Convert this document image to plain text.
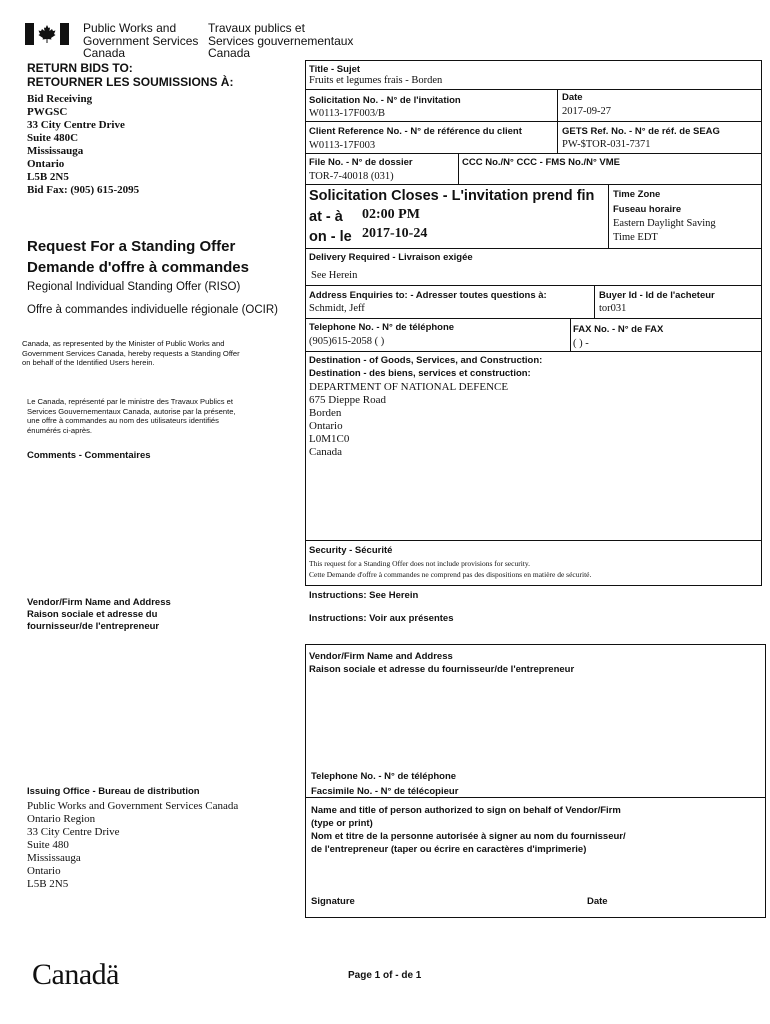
Public Works and
Government Services
Canada
Travaux publics et
Services gouvernementaux
Canada
RETURN BIDS TO:
RETOURNER LES SOUMISSIONS À:
Bid Receiving
PWGSC
33 City Centre Drive
Suite 480C
Mississauga
Ontario
L5B 2N5
Bid Fax: (905) 615-2095
Request For a Standing Offer
Demande d'offre à commandes
Regional Individual Standing Offer (RISO)
Offre à commandes individuelle régionale (OCIR)
Canada, as represented by the Minister of Public Works and
Government Services Canada, hereby requests a Standing Offer
on behalf of the Identified Users herein.
Le Canada, représenté par le ministre des Travaux Publics et
Services Gouvernementaux Canada, autorise par la présente,
une offre à commandes au nom des utilisateurs identifiés
énumérés ci-après.
Comments - Commentaires
Vendor/Firm Name and Address
Raison sociale et adresse du
fournisseur/de l'entrepreneur
Issuing Office - Bureau de distribution
Public Works and Government Services Canada
Ontario Region
33 City Centre Drive
Suite 480
Mississauga
Ontario
L5B 2N5
Title - Sujet
Fruits et legumes frais - Borden
Solicitation No. - N° de l'invitation
W0113-17F003/B
Date
2017-09-27
Client Reference No. - N° de référence du client
W0113-17F003
GETS Ref. No. - N° de réf. de SEAG
PW-$TOR-031-7371
File No. - N° de dossier
TOR-7-40018 (031)
CCC No./N° CCC - FMS No./N° VME
Solicitation Closes - L'invitation prend fin
at - à 02:00 PM
on - le 2017-10-24
Time Zone
Fuseau horaire
Eastern Daylight Saving
Time EDT
Delivery Required - Livraison exigée
See Herein
Address Enquiries to: - Adresser toutes questions à:
Schmidt, Jeff
Buyer Id - Id de l'acheteur
tor031
Telephone No. - N° de téléphone
(905)615-2058 ( )
FAX No. - N° de FAX
( ) -
Destination - of Goods, Services, and Construction:
Destination - des biens, services et construction:
DEPARTMENT OF NATIONAL DEFENCE
675 Dieppe Road
Borden
Ontario
L0M1C0
Canada
Security - Sécurité
This request for a Standing Offer does not include provisions for security.
Cette Demande d'offre à commandes ne comprend pas des dispositions en matière de sécurité.
Instructions: See Herein
Instructions: Voir aux présentes
Vendor/Firm Name and Address
Raison sociale et adresse du fournisseur/de l'entrepreneur
Telephone No. - N° de téléphone
Facsimile No. - N° de télécopieur
Name and title of person authorized to sign on behalf of Vendor/Firm
(type or print)
Nom et titre de la personne autorisée à signer au nom du fournisseur/
de l'entrepreneur (taper ou écrire en caractères d'imprimerie)
Signature	Date
Canadä	Page 1 of - de 1
